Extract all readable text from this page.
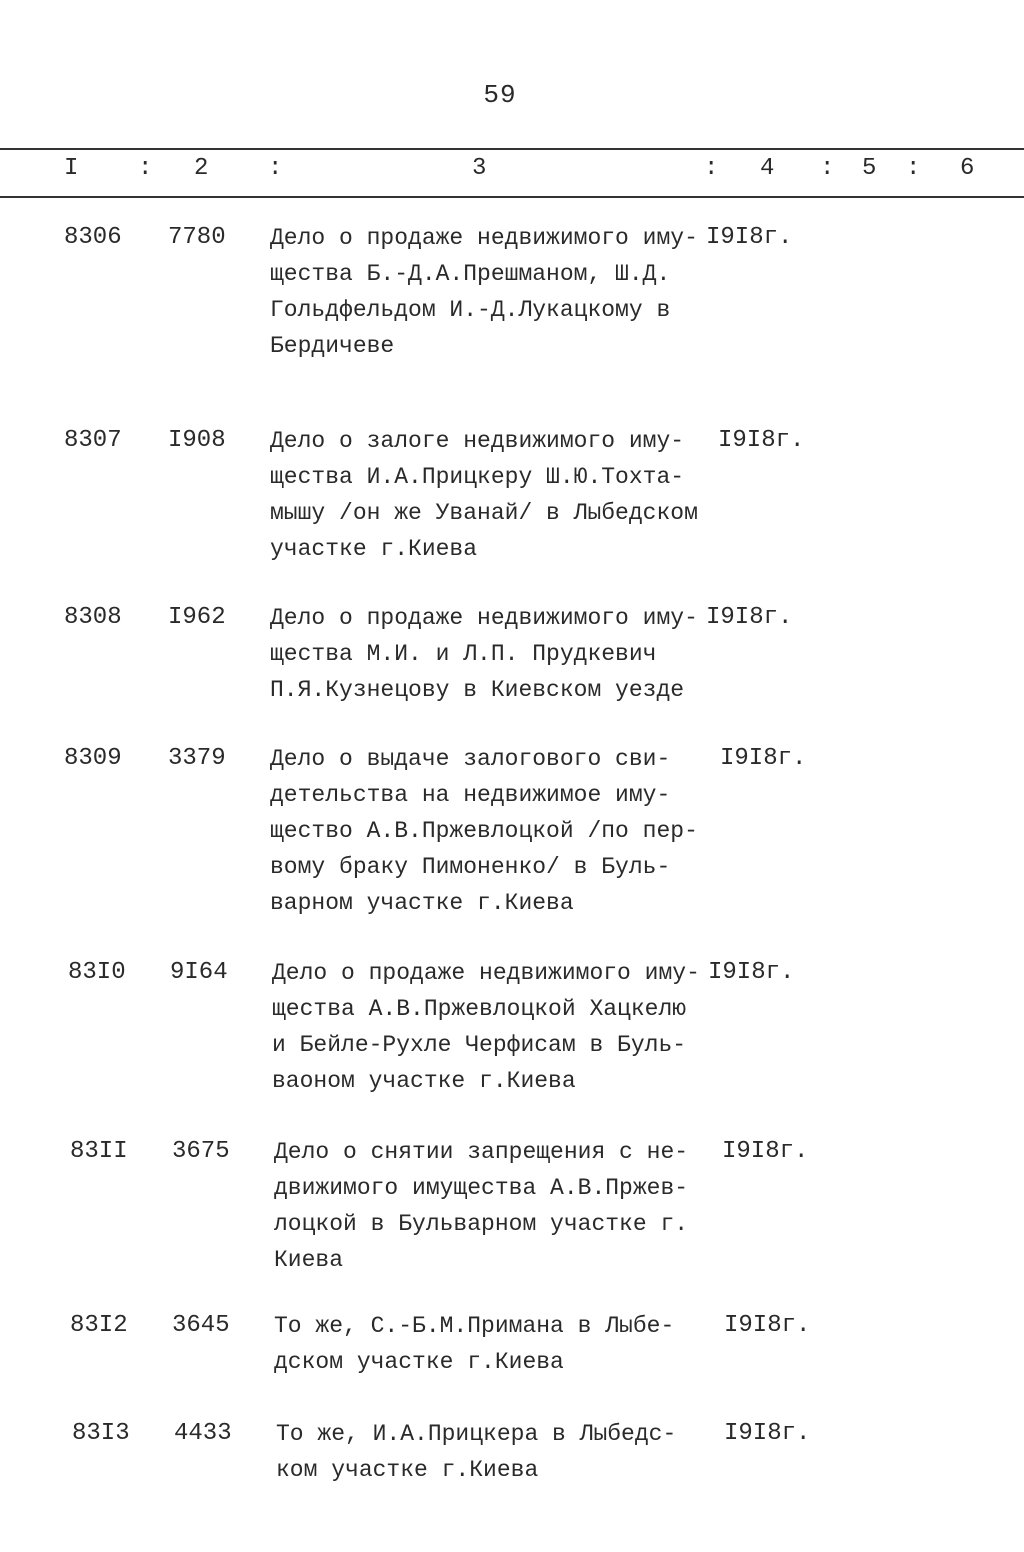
59
I : 2 :	3	: 4 : 5 : 6
8306 7780 Дело о продаже недвижимого иму-
щества Б.-Д.А.Прешманом, Ш.Д.
Гольдфельдом И.-Д.Лукацкому в
Бердичеве
I9I8г.
8307 I908 Дело о залоге недвижимого иму-
щества И.А.Прицкеру Ш.Ю.Тохта-
мышу /он же Уванай/ в Лыбедском
участке г.Киева
I9I8г.
8308 I962 Дело о продаже недвижимого иму-
щества М.И. и Л.П. Прудкевич
П.Я.Кузнецову в Киевском уезде
I9I8г.
8309 3379 Дело о выдаче залогового сви-
детельства на недвижимое иму-
щество А.В.Пржевлоцкой /по пер-
вому браку Пимоненко/ в Буль-
варном участке г.Киева
I9I8г.
83I0 9I64 Дело о продаже недвижимого иму-
щества А.В.Пржевлоцкой Хацкелю
и Бейле-Рухле Черфисам в Буль-
ваоном участке г.Киева
I9I8г.
83II 3675 Дело о снятии запрещения с не-
движимого имущества А.В.Пржев-
лоцкой в Бульварном участке г.
Киева
I9I8г.
83I2 3645 То же, С.-Б.М.Примана в Лыбе-
дском участке г.Киева
I9I8г.
83I3 4433 То же, И.А.Прицкера в Лыбедс-
ком участке г.Киева
I9I8г.
